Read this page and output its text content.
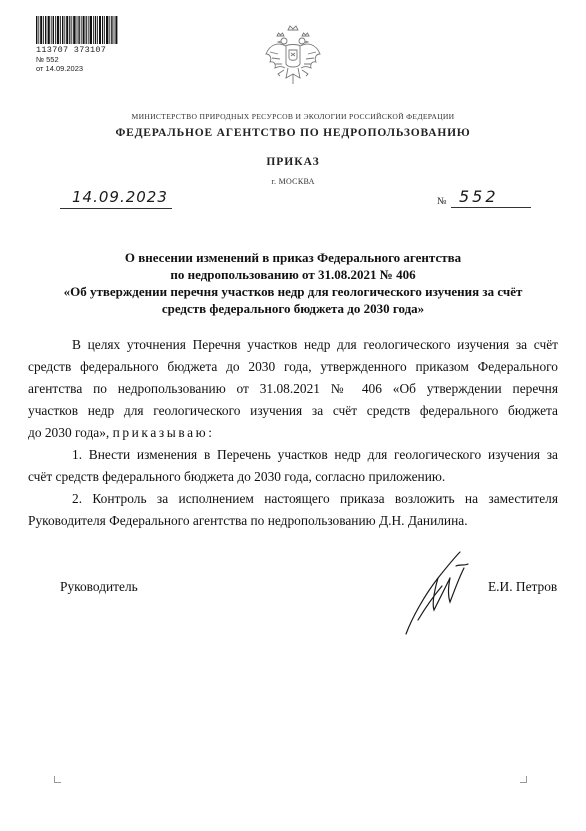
113707 373107
№ 552
от 14.09.2023
МИНИСТЕРСТВО ПРИРОДНЫХ РЕСУРСОВ И ЭКОЛОГИИ РОССИЙСКОЙ ФЕДЕРАЦИИ
ФЕДЕРАЛЬНОЕ АГЕНТСТВО ПО НЕДРОПОЛЬЗОВАНИЮ
ПРИКАЗ
г. МОСКВА
14.09.2023	№ 552
О внесении изменений в приказ Федерального агентства
по недропользованию от 31.08.2021 № 406
«Об утверждении перечня участков недр для геологического изучения за счёт
средств федерального бюджета до 2030 года»

В целях уточнения Перечня участков недр для геологического изучения за счёт
средств федерального бюджета до 2030 года, утвержденного приказом Федерального
агентства по недропользованию от 31.08.2021 № 406 «Об утверждении перечня
участков недр для геологического изучения за счёт средств федерального бюджета
до 2030 года», приказываю:

1. Внести изменения в Перечень участков недр для геологического изучения за
счёт средств федерального бюджета до 2030 года, согласно приложению.

2. Контроль за исполнением настоящего приказа возложить на заместителя
Руководителя Федерального агентства по недропользованию Д.Н. Данилина.

Руководитель	Е.И. Петров
